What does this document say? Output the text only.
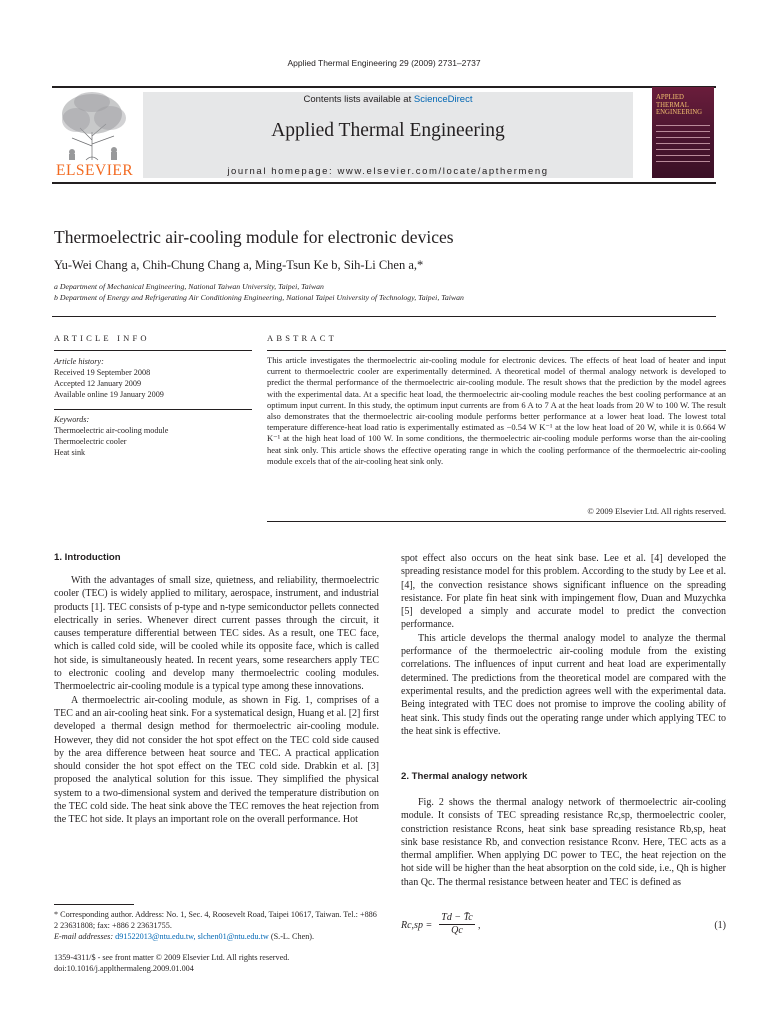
Applied Thermal Engineering 29 (2009) 2731–2737
ELSEVIER
Contents lists available at ScienceDirect
Applied Thermal Engineering
journal homepage: www.elsevier.com/locate/apthermeng
APPLIED
THERMAL
ENGINEERING
Thermoelectric air-cooling module for electronic devices
Yu-Wei Chang a, Chih-Chung Chang a, Ming-Tsun Ke b, Sih-Li Chen a,*
a Department of Mechanical Engineering, National Taiwan University, Taipei, Taiwan
b Department of Energy and Refrigerating Air Conditioning Engineering, National Taipei University of Technology, Taipei, Taiwan
ARTICLE INFO	ABSTRACT
Article history:
Received 19 September 2008
Accepted 12 January 2009
Available online 19 January 2009
Keywords:
Thermoelectric air-cooling module
Thermoelectric cooler
Heat sink
This article investigates the thermoelectric air-cooling module for electronic devices. The effects of heat load of heater and input current to thermoelectric cooler are experimentally determined. A theoretical model of thermal analogy network is developed to predict the thermal performance of the thermoelectric air-cooling module. The result shows that the prediction by the model agrees with the experimental data. At a specific heat load, the thermoelectric air-cooling module reaches the best cooling performance at an optimum input current. In this study, the optimum input currents are from 6 A to 7 A at the heat loads from 20 W to 100 W. The result also demonstrates that the thermoelectric air-cooling module performs better performance at a lower heat load. The lowest total temperature difference-heat load ratio is experimentally estimated as −0.54 W K⁻¹ at the low heat load of 20 W, while it is 0.664 W K⁻¹ at the high heat load of 100 W. In some conditions, the thermoelectric air-cooling module performs worse than the air-cooling heat sink only. This article shows the effective operating range in which the cooling performance of the thermoelectric air-cooling module excels that of the air-cooling heat sink only.
© 2009 Elsevier Ltd. All rights reserved.
1. Introduction

With the advantages of small size, quietness, and reliability, thermoelectric cooler (TEC) is widely applied to military, aerospace, instrument, and industrial products [1]. TEC consists of p-type and n-type semiconductor pellets connected electrically in series. Whenever direct current passes through the circuit, it causes temperature differential between TEC sides. As a result, one TEC face, which is called cold side, will be cooled while its opposite face, which is called hot side, is simultaneously heated. In recent years, some researchers apply TEC to electronic cooling and develop many thermoelectric cooling modules. Thermoelectric air-cooling module is a typical type among these innovations.

A thermoelectric air-cooling module, as shown in Fig. 1, comprises of a TEC and an air-cooling heat sink. For a systematical design, Huang et al. [2] first developed a thermal design method for thermoelectric air-cooling module. However, they did not consider the hot spot effect on the TEC cold side caused by the area difference between heat source and TEC. A practical application should consider the hot spot effect on the TEC cold side. Drabkin et al. [3] proposed the analytical solution for this issue. They simplified the physical system to a two-dimensional system and derived the temperature distribution on the TEC cold side. The heat sink above the TEC removes the heat rejection from the TEC hot side. It plays an important role on the overall performance. Hot

spot effect also occurs on the heat sink base. Lee et al. [4] developed the spreading resistance model for this problem. According to the study by Lee et al. [4], the convection resistance shows significant influence on the spreading resistance. For plate fin heat sink with impingement flow, Duan and Muzychka [5] developed a simply and accurate model to predict the convection performance.

This article develops the thermal analogy model to analyze the thermal performance of the thermoelectric air-cooling module from the existing correlations. The influences of input current and heat load are experimentally determined. The predictions from the theoretical model are compared with the experimental results, and the prediction agrees well with the experimental data. Being integrated with TEC does not promise to improve the cooling ability of heat sink. This study finds out the operating range under which applying TEC to the heat sink is effective.

2. Thermal analogy network

Fig. 2 shows the thermal analogy network of thermoelectric air-cooling module. It consists of TEC spreading resistance Rc,sp, thermoelectric cooler, constriction resistance Rcons, heat sink base spreading resistance Rb,sp, heat sink base resistance Rb, and convection resistance Rconv. Here, TEC acts as a thermal amplifier. When applying DC power to TEC, the heat rejection on the hot side will be higher than the heat absorption on the cold side, i.e., Qh is higher than Qc. The thermal resistance between heater and TEC is defined as

$Rc,sp = \frac{Td - T̄c}{Qc}$ ,	(1)
* Corresponding author. Address: No. 1, Sec. 4, Roosevelt Road, Taipei 10617, Taiwan. Tel.: +886 2 23631808; fax: +886 2 23631755.
E-mail addresses: d91522013@ntu.edu.tw, slchen01@ntu.edu.tw (S.-L. Chen).
1359-4311/$ - see front matter © 2009 Elsevier Ltd. All rights reserved.
doi:10.1016/j.applthermaleng.2009.01.004
